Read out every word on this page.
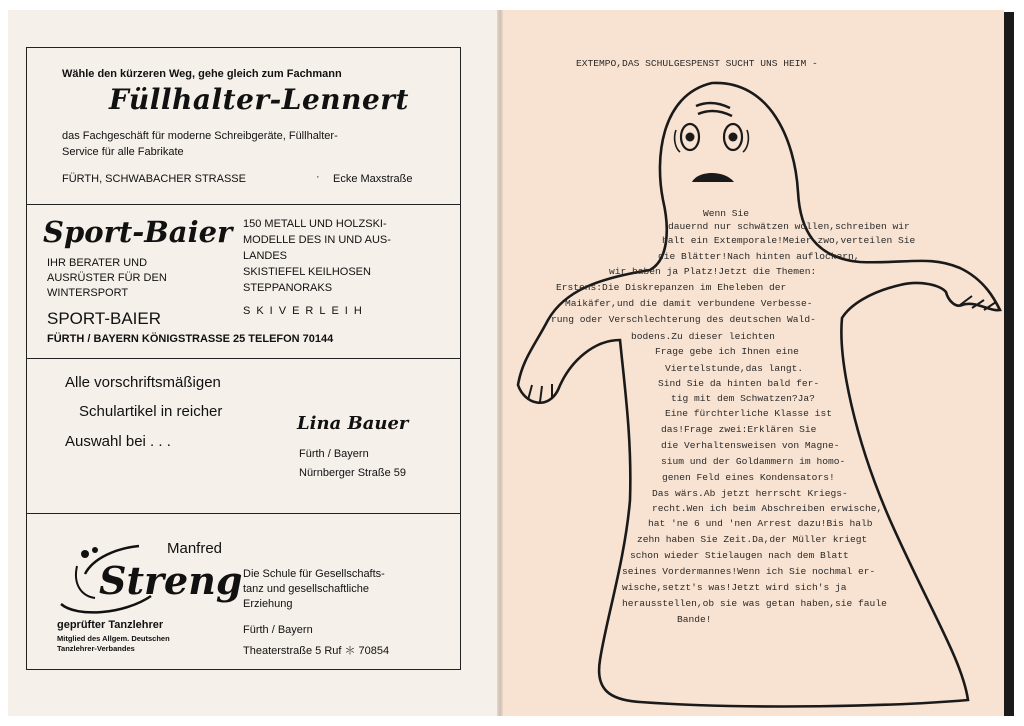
Wähle den kürzeren Weg, gehe gleich zum Fachmann
Füllhalter-Lennert
das Fachgeschäft für moderne Schreibgeräte, Füllhalter-
Service für alle Fabrikate
FÜRTH, SCHWABACHER STRASSE	· Ecke Maxstraße
Sport-Baier
IHR BERATER UND
AUSRÜSTER FÜR DEN
WINTERSPORT
150 METALL UND HOLZSKI-
MODELLE DES IN UND AUS-
LANDES
SKISTIEFEL KEILHOSEN
STEPPANORAKS
SKIVERLEIH
SPORT-BAIER
FÜRTH / BAYERN KÖNIGSTRASSE 25 TELEFON 70144
Alle vorschriftsmäßigen
Schulartikel in reicher
Auswahl bei . . .
Lina Bauer
Fürth / Bayern
Nürnberger Straße 59
Streng
Manfred
geprüfter Tanzlehrer
Mitglied des Allgem. Deutschen
Tanzlehrer-Verbandes
Die Schule für Gesellschafts-
tanz und gesellschaftliche
Erziehung
Fürth / Bayern
Theaterstraße 5 Ruf ＊ 70854
EXTEMPO,DAS SCHULGESPENST SUCHT UNS HEIM -
Wenn Sie
dauernd nur schwätzen wollen,schreiben wir
halt ein Extemporale!Meier zwo,verteilen Sie
die Blätter!Nach hinten auflockern,
wir haben ja Platz!Jetzt die Themen:
Erstens:Die Diskrepanzen im Eheleben der
Maikäfer,und die damit verbundene Verbesse-
rung oder Verschlechterung des deutschen Wald-
bodens.Zu dieser leichten
Frage gebe ich Ihnen eine
Viertelstunde,das langt.
Sind Sie da hinten bald fer-
tig mit dem Schwatzen?Ja?
Eine fürchterliche Klasse ist
das!Frage zwei:Erklären Sie
die Verhaltensweisen von Magne-
sium und der Goldammern im homo-
genen Feld eines Kondensators!
Das wärs.Ab jetzt herrscht Kriegs-
recht.Wen ich beim Abschreiben erwische,
hat 'ne 6 und 'nen Arrest dazu!Bis halb
zehn haben Sie Zeit.Da,der Müller kriegt
schon wieder Stielaugen nach dem Blatt
seines Vordermannes!Wenn ich Sie nochmal er-
wische,setzt's was!Jetzt wird sich's ja
herausstellen,ob sie was getan haben,sie faule
Bande!
